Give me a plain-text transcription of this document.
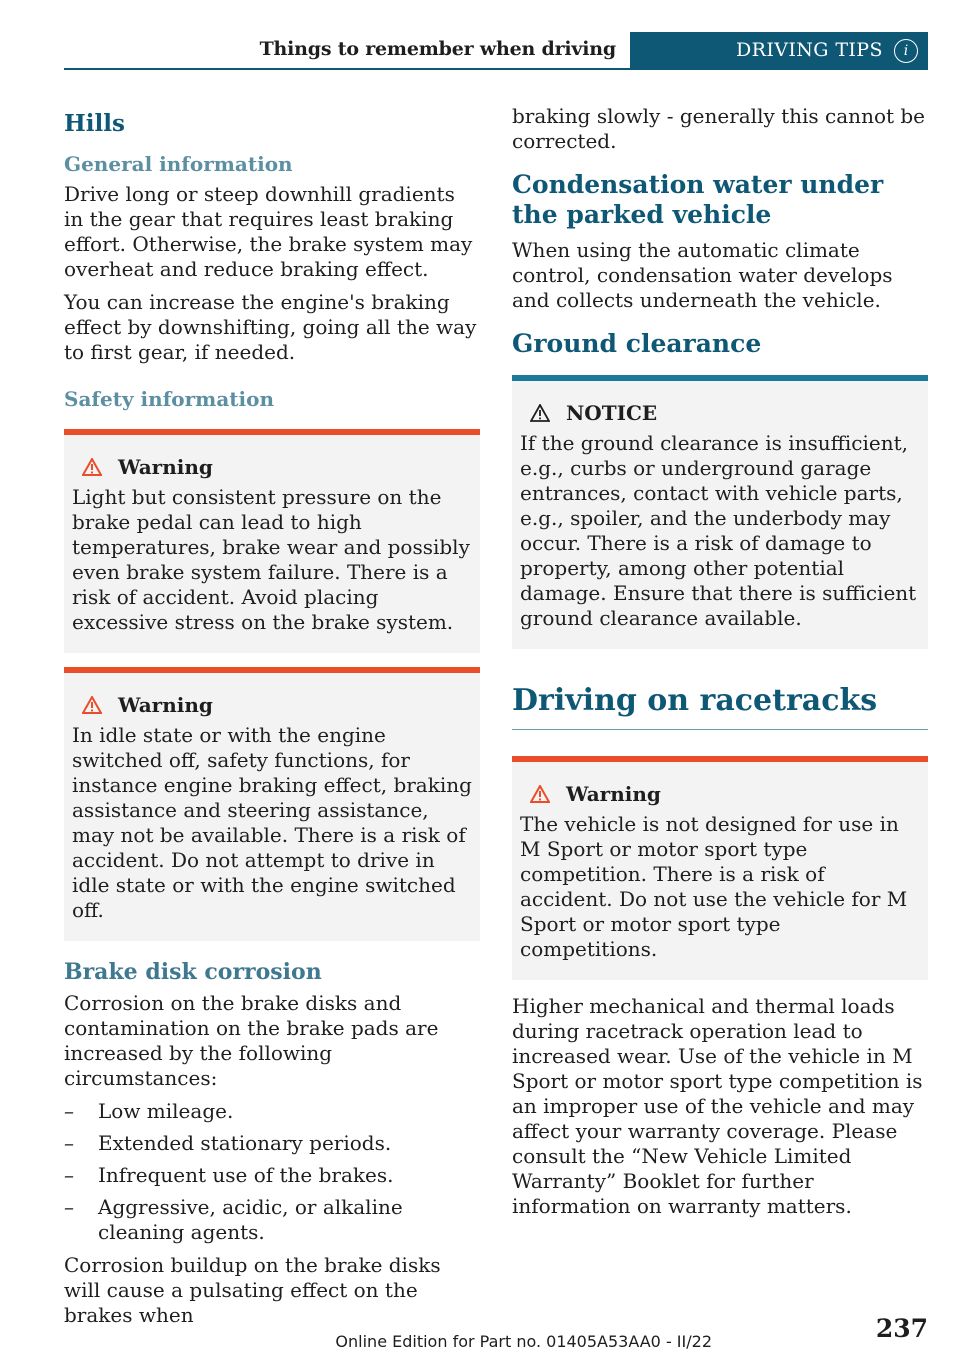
Things to remember when driving	DRIVING TIPS	i
Hills
General information

Drive long or steep downhill gradients in the gear that requires least braking effort. Otherwise, the brake system may overheat and reduce braking effect.

You can increase the engine's braking effect by downshifting, going all the way to first gear, if needed.

Safety information
Warning

Light but consistent pressure on the brake pedal can lead to high temperatures, brake wear and possibly even brake system failure. There is a risk of accident. Avoid placing excessive stress on the brake system.

Warning

In idle state or with the engine switched off, safety functions, for instance engine braking effect, braking assistance and steering assistance, may not be available. There is a risk of accident. Do not attempt to drive in idle state or with the engine switched off.

Brake disk corrosion

Corrosion on the brake disks and contamination on the brake pads are increased by the following circumstances:

– Low mileage.
– Extended stationary periods.
– Infrequent use of the brakes.
– Aggressive, acidic, or alkaline cleaning agents.

Corrosion buildup on the brake disks will cause a pulsating effect on the brakes when

braking slowly - generally this cannot be corrected.

Condensation water under the parked vehicle

When using the automatic climate control, condensation water develops and collects underneath the vehicle.

Ground clearance
NOTICE

If the ground clearance is insufficient, e.g., curbs or underground garage entrances, contact with vehicle parts, e.g., spoiler, and the underbody may occur. There is a risk of damage to property, among other potential damage. Ensure that there is sufficient ground clearance available.

Driving on racetracks
Warning

The vehicle is not designed for use in M Sport or motor sport type competition. There is a risk of accident. Do not use the vehicle for M Sport or motor sport type competitions.

Higher mechanical and thermal loads during racetrack operation lead to increased wear. Use of the vehicle in M Sport or motor sport type competition is an improper use of the vehicle and may affect your warranty coverage. Please consult the “New Vehicle Limited Warranty” Booklet for further information on warranty matters.

Online Edition for Part no. 01405A53AA0 - II/22	237
